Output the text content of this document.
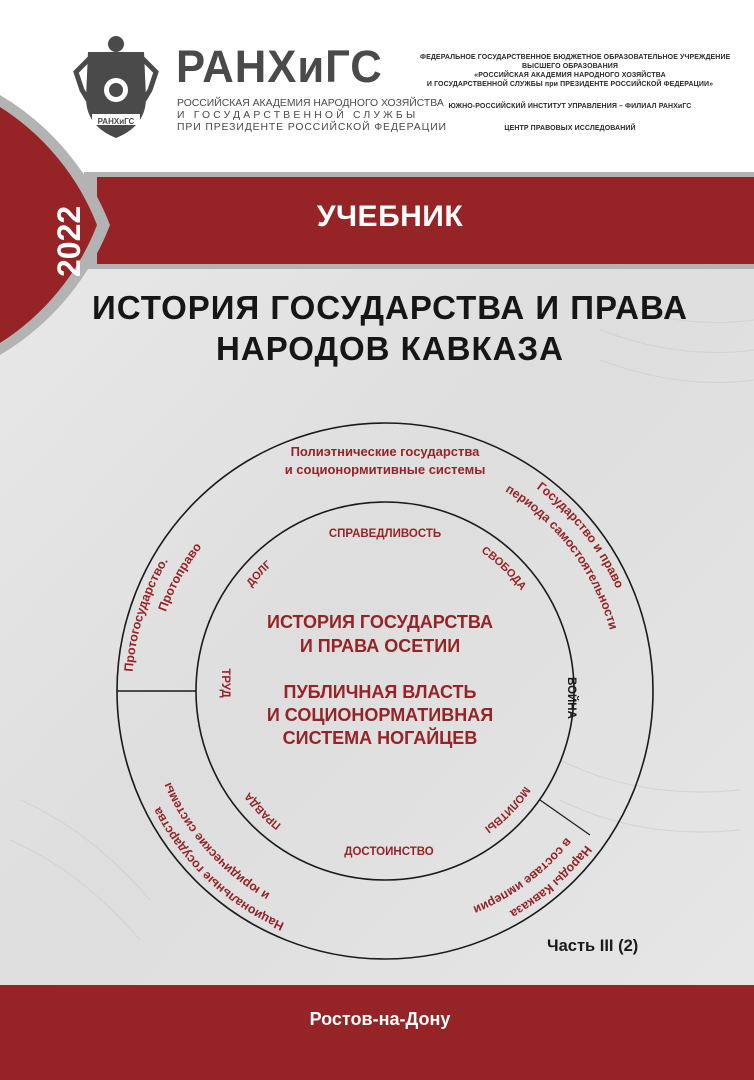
РАНХиГС
РАНХиГС
РОССИЙСКАЯ АКАДЕМИЯ НАРОДНОГО ХОЗЯЙСТВА
И ГОСУДАРСТВЕННОЙ СЛУЖБЫ
ПРИ ПРЕЗИДЕНТЕ РОССИЙСКОЙ ФЕДЕРАЦИИ
ФЕДЕРАЛЬНОЕ ГОСУДАРСТВЕННОЕ БЮДЖЕТНОЕ ОБРАЗОВАТЕЛЬНОЕ УЧРЕЖДЕНИЕ
ВЫСШЕГО ОБРАЗОВАНИЯ
«РОССИЙСКАЯ АКАДЕМИЯ НАРОДНОГО ХОЗЯЙСТВА
И ГОСУДАРСТВЕННОЙ СЛУЖБЫ при ПРЕЗИДЕНТЕ РОССИЙСКОЙ ФЕДЕРАЦИИ»
ЮЖНО-РОССИЙСКИЙ ИНСТИТУТ УПРАВЛЕНИЯ – ФИЛИАЛ РАНХиГС
ЦЕНТР ПРАВОВЫХ ИССЛЕДОВАНИЙ
УЧЕБНИК
2022
ИСТОРИЯ ГОСУДАРСТВА И ПРАВА
НАРОДОВ КАВКАЗА
Полиэтнические государства
и соционормитивные системы
Государство и право
периода самостоятельности
Народы Кавказа
в составе империи
Национальные государства
и юридические системы
Протогосударство.
Протоправо
СПРАВЕДЛИВОСТЬ
СВОБОДА
ВОЙНА
МОЛИТВЫ
ДОСТОИНСТВО
ПРАВДА
ТРУД
ДОЛГ
ИСТОРИЯ ГОСУДАРСТВА
И ПРАВА ОСЕТИИ
ПУБЛИЧНАЯ ВЛАСТЬ
И СОЦИОНОРМАТИВНАЯ
СИСТЕМА НОГАЙЦЕВ
Часть III (2)
Ростов-на-Дону
